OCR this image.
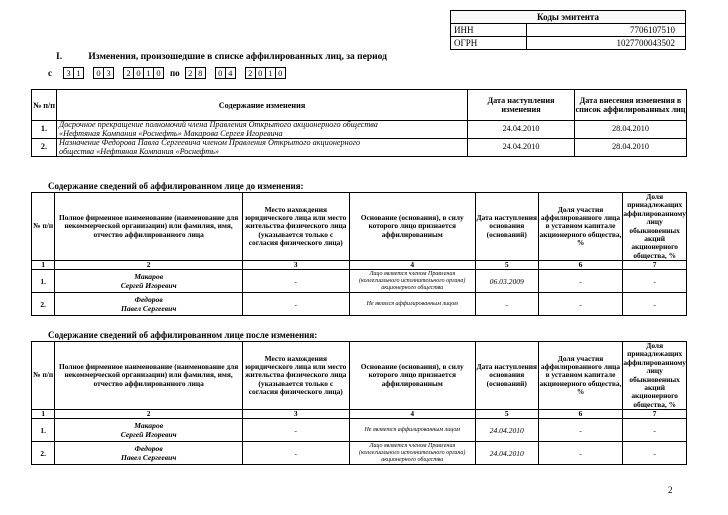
Коды эмитента	
ИНН	7706107510
ОГРН	1027700043502
I.	Изменения, произошедшие в списке аффилированных лиц, за период
с	3 1	0 3	2 0 1 0	по 2 8	0 4	2 0 1 0
№ п/п	Содержание изменения	Дата наступления изменения	Дата внесения изменения в список аффилированных лиц
1.	Досрочное прекращение полномочий члена Правления Открытого акционерного общества
«Нефтяная Компания «Роснефть» Макарова Сергея Игоревича	24.04.2010	28.04.2010
2.	Назначение Федорова Павла Сергеевича членом Правления Открытого акционерного
общества «Нефтяная Компания «Роснефть»	24.04.2010	28.04.2010
Содержание сведений об аффилированном лице до изменения:
№ п/п	Полное фирменное наименование (наименование для некоммерческой организации) или фамилия, имя, отчество аффилированного лица	Место нахождения юридического лица или место жительства физического лица (указывается только с согласия физического лица)	Основание (основания), в силу которого лицо признается аффилированным	Дата наступления основания (оснований)	Доля участия аффилированного лица в уставном капитале акционерного общества, %	Доля принадлежащих аффилированному лицу обыкновенных акций акционерного общества, %
1	2	3	4	5	6	7
1.	Макаров
Сергей Игоревич	-	Лицо является членом Правления (коллегиального исполнительного органа) акционерного общества	06.03.2009	-	-
2.	Федоров
Павел Сергеевич	-	Не являлся аффилированным лицом	-	-	-
Содержание сведений об аффилированном лице после изменения:
№ п/п	Полное фирменное наименование (наименование для некоммерческой организации) или фамилия, имя, отчество аффилированного лица	Место нахождения юридического лица или место жительства физического лица (указывается только с согласия физического лица)	Основание (основания), в силу которого лицо признается аффилированным	Дата наступления основания (оснований)	Доля участия аффилированного лица в уставном капитале акционерного общества, %	Доля принадлежащих аффилированному лицу обыкновенных акций акционерного общества, %
1	2	3	4	5	6	7
1.	Макаров
Сергей Игоревич	-	Не является аффилированным лицом	24.04.2010	-	-
2.	Федоров
Павел Сергеевич	-	Лицо является членом Правления (коллегиального исполнительного органа) акционерного общества	24.04.2010	-	-
2
